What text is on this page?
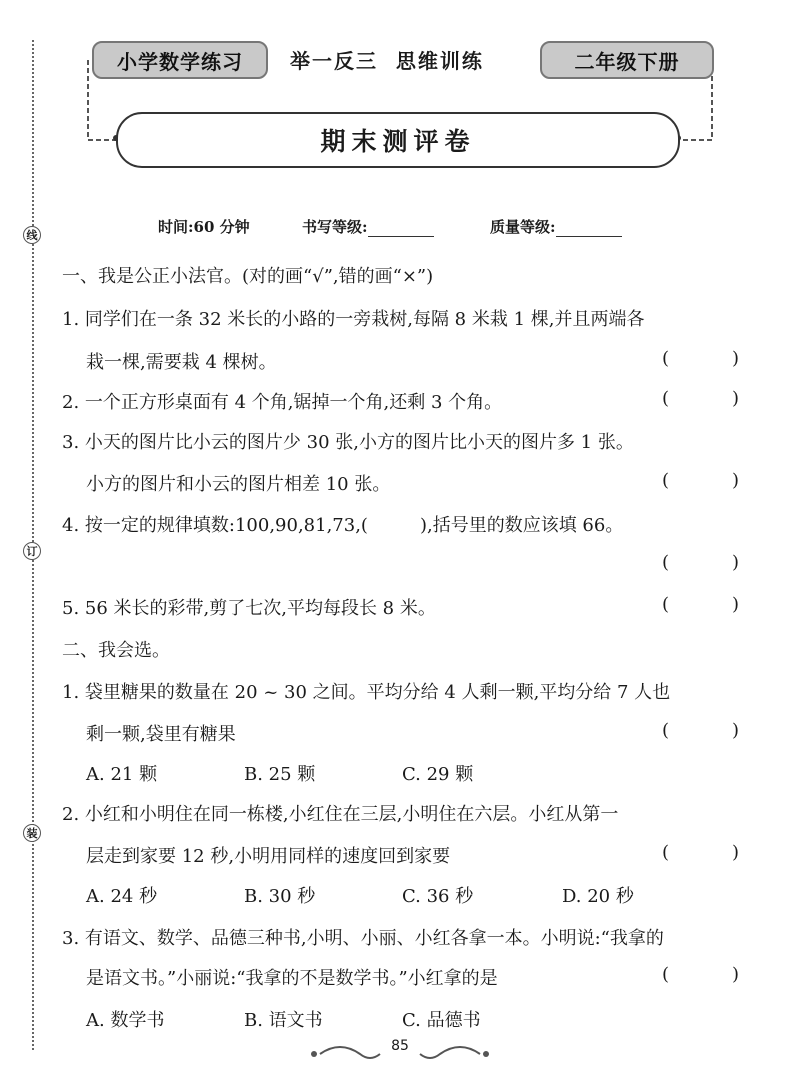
线
订
装
小学数学练习	举一反三  思维训练	二年级下册
期末测评卷
时间:60 分钟	书写等级:	质量等级:
一、我是公正小法官。(对的画“√”,错的画“×”)
1. 同学们在一条 32 米长的小路的一旁栽树,每隔 8 米栽 1 棵,并且两端各
栽一棵,需要栽 4 棵树。	(	)
2. 一个正方形桌面有 4 个角,锯掉一个角,还剩 3 个角。	(	)
3. 小天的图片比小云的图片少 30 张,小方的图片比小天的图片多 1 张。
小方的图片和小云的图片相差 10 张。	(	)
4. 按一定的规律填数:100,90,81,73,(	),括号里的数应该填 66。
(	)
5. 56 米长的彩带,剪了七次,平均每段长 8 米。	(	)
二、我会选。
1. 袋里糖果的数量在 20 ~ 30 之间。平均分给 4 人剩一颗,平均分给 7 人也
剩一颗,袋里有糖果	(	)
A. 21 颗	B. 25 颗	C. 29 颗
2. 小红和小明住在同一栋楼,小红住在三层,小明住在六层。小红从第一
层走到家要 12 秒,小明用同样的速度回到家要	(	)
A. 24 秒	B. 30 秒	C. 36 秒	D. 20 秒
3. 有语文、数学、品德三种书,小明、小丽、小红各拿一本。小明说:“我拿的
是语文书。”小丽说:“我拿的不是数学书。”小红拿的是	(	)
A. 数学书	B. 语文书	C. 品德书
85
